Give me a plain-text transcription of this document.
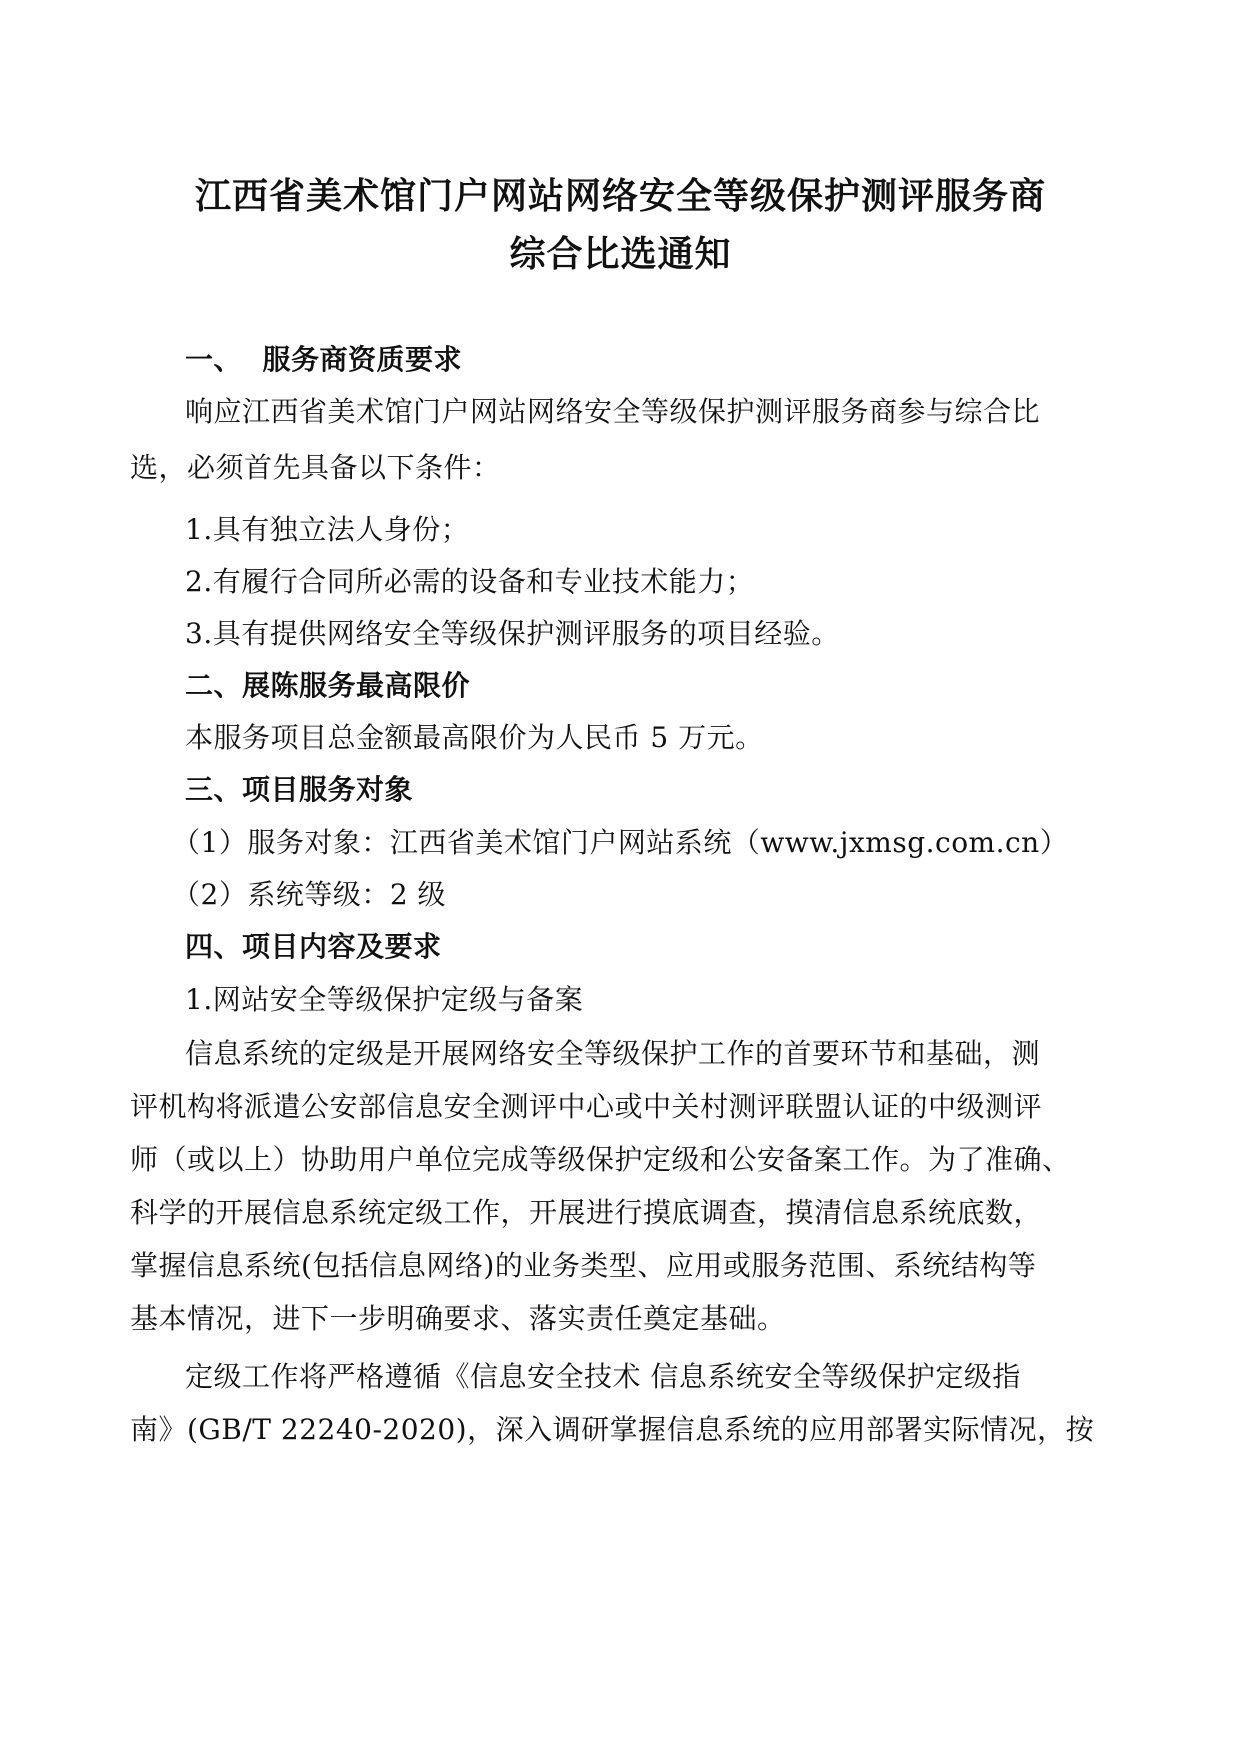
江西省美术馆门户网站网络安全等级保护测评服务商
综合比选通知
一、  服务商资质要求
响应江西省美术馆门户网站网络安全等级保护测评服务商参与综合比
选，必须首先具备以下条件：
1.具有独立法人身份；
2.有履行合同所必需的设备和专业技术能力；
3.具有提供网络安全等级保护测评服务的项目经验。
二、展陈服务最高限价
本服务项目总金额最高限价为人民币 5 万元。
三、项目服务对象
（1）服务对象：江西省美术馆门户网站系统（www.jxmsg.com.cn）
（2）系统等级：2 级
四、项目内容及要求
1.网站安全等级保护定级与备案
信息系统的定级是开展网络安全等级保护工作的首要环节和基础，测
评机构将派遣公安部信息安全测评中心或中关村测评联盟认证的中级测评
师（或以上）协助用户单位完成等级保护定级和公安备案工作。为了准确、
科学的开展信息系统定级工作，开展进行摸底调查，摸清信息系统底数，
掌握信息系统(包括信息网络)的业务类型、应用或服务范围、系统结构等
基本情况，进下一步明确要求、落实责任奠定基础。
定级工作将严格遵循《信息安全技术 信息系统安全等级保护定级指
南》(GB/T 22240-2020)，深入调研掌握信息系统的应用部署实际情况，按
